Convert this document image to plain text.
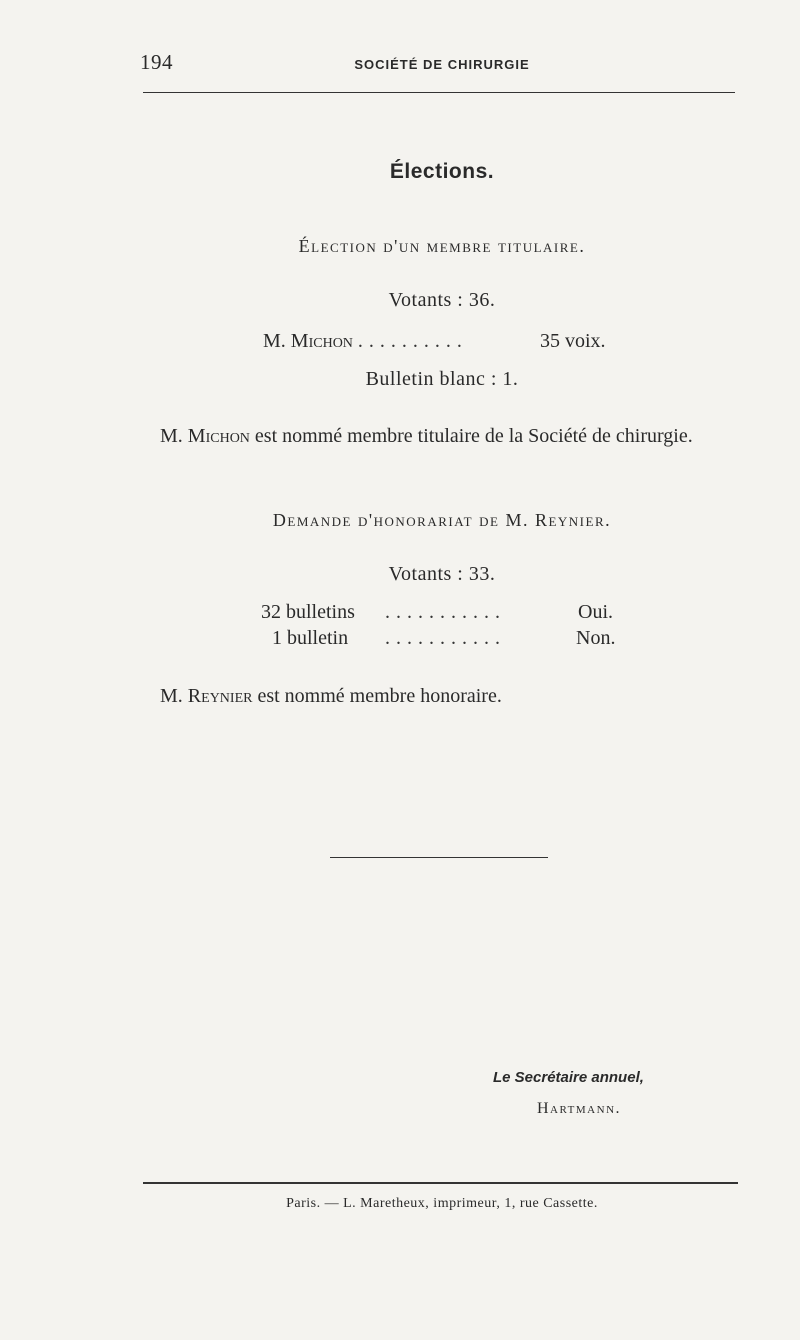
194	SOCIÉTÉ DE CHIRURGIE
Élections.
Élection d'un membre titulaire.
Votants : 36.
M. Michon ..........	35 voix.
Bulletin blanc : 1.
M. Michon est nommé membre titulaire de la Société de chirurgie.
Demande d'honorariat de M. Reynier.
Votants : 33.
32 bulletins ...........	Oui.
1 bulletin ...........	Non.
M. Reynier est nommé membre honoraire.
Le Secrétaire annuel,
Hartmann.
Paris. — L. Maretheux, imprimeur, 1, rue Cassette.
